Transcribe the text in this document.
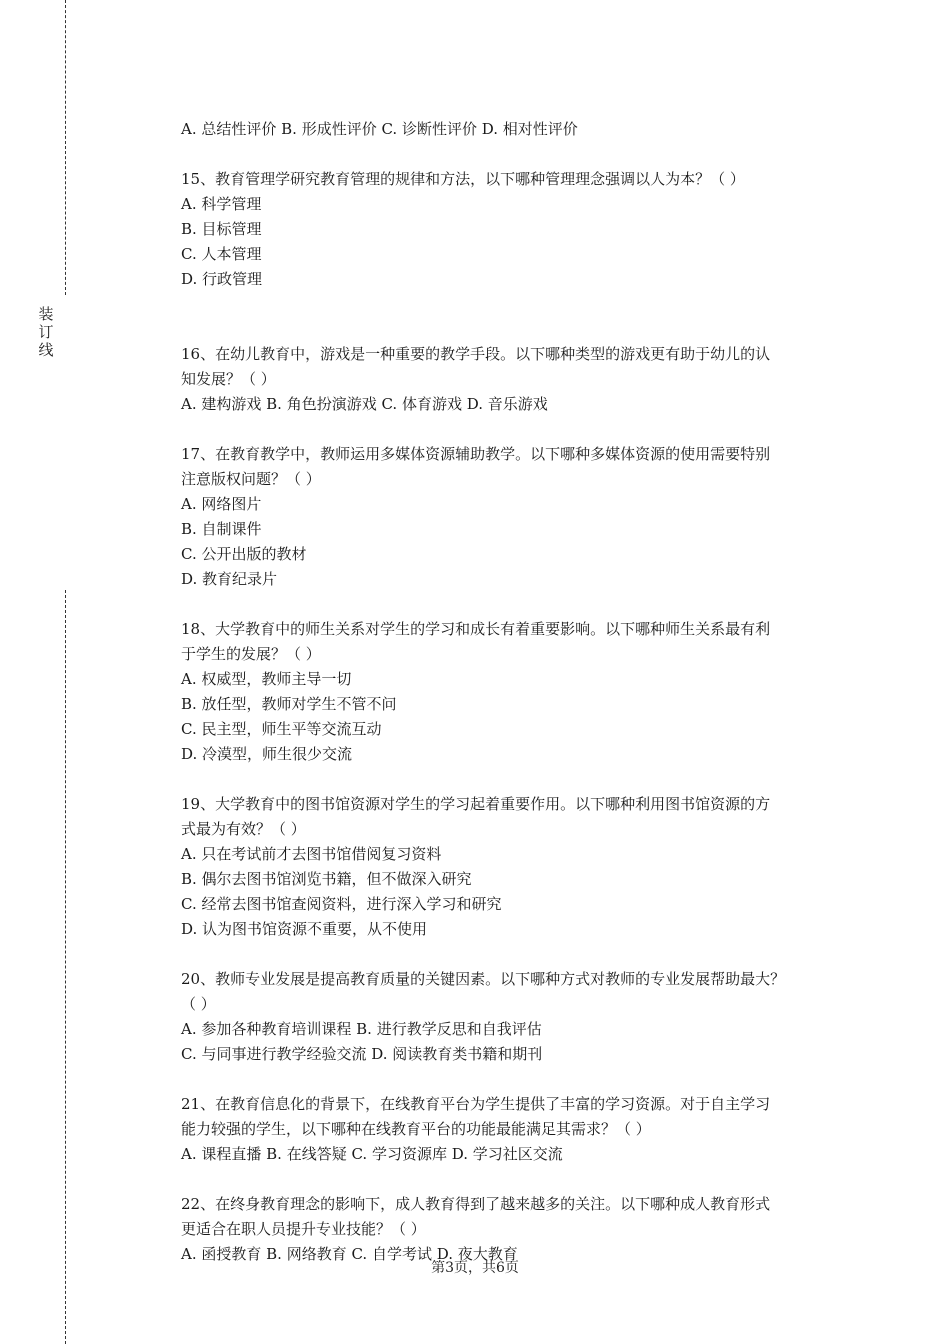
装
订
线
A. 总结性评价 B. 形成性评价 C. 诊断性评价 D. 相对性评价
15、教育管理学研究教育管理的规律和方法，以下哪种管理理念强调以人为本？（ ）
A. 科学管理
B. 目标管理
C. 人本管理
D. 行政管理
16、在幼儿教育中，游戏是一种重要的教学手段。以下哪种类型的游戏更有助于幼儿的认
知发展？（ ）
A. 建构游戏 B. 角色扮演游戏 C. 体育游戏 D. 音乐游戏
17、在教育教学中，教师运用多媒体资源辅助教学。以下哪种多媒体资源的使用需要特别
注意版权问题？（ ）
A. 网络图片
B. 自制课件
C. 公开出版的教材
D. 教育纪录片
18、大学教育中的师生关系对学生的学习和成长有着重要影响。以下哪种师生关系最有利
于学生的发展？（ ）
A. 权威型，教师主导一切
B. 放任型，教师对学生不管不问
C. 民主型，师生平等交流互动
D. 冷漠型，师生很少交流
19、大学教育中的图书馆资源对学生的学习起着重要作用。以下哪种利用图书馆资源的方
式最为有效？（ ）
A. 只在考试前才去图书馆借阅复习资料
B. 偶尔去图书馆浏览书籍，但不做深入研究
C. 经常去图书馆查阅资料，进行深入学习和研究
D. 认为图书馆资源不重要，从不使用
20、教师专业发展是提高教育质量的关键因素。以下哪种方式对教师的专业发展帮助最大？
（ ）
A. 参加各种教育培训课程 B. 进行教学反思和自我评估
C. 与同事进行教学经验交流 D. 阅读教育类书籍和期刊
21、在教育信息化的背景下，在线教育平台为学生提供了丰富的学习资源。对于自主学习
能力较强的学生，以下哪种在线教育平台的功能最能满足其需求？（ ）
A. 课程直播 B. 在线答疑 C. 学习资源库 D. 学习社区交流
22、在终身教育理念的影响下，成人教育得到了越来越多的关注。以下哪种成人教育形式
更适合在职人员提升专业技能？（ ）
A. 函授教育 B. 网络教育 C. 自学考试 D. 夜大教育
第3页，共6页
